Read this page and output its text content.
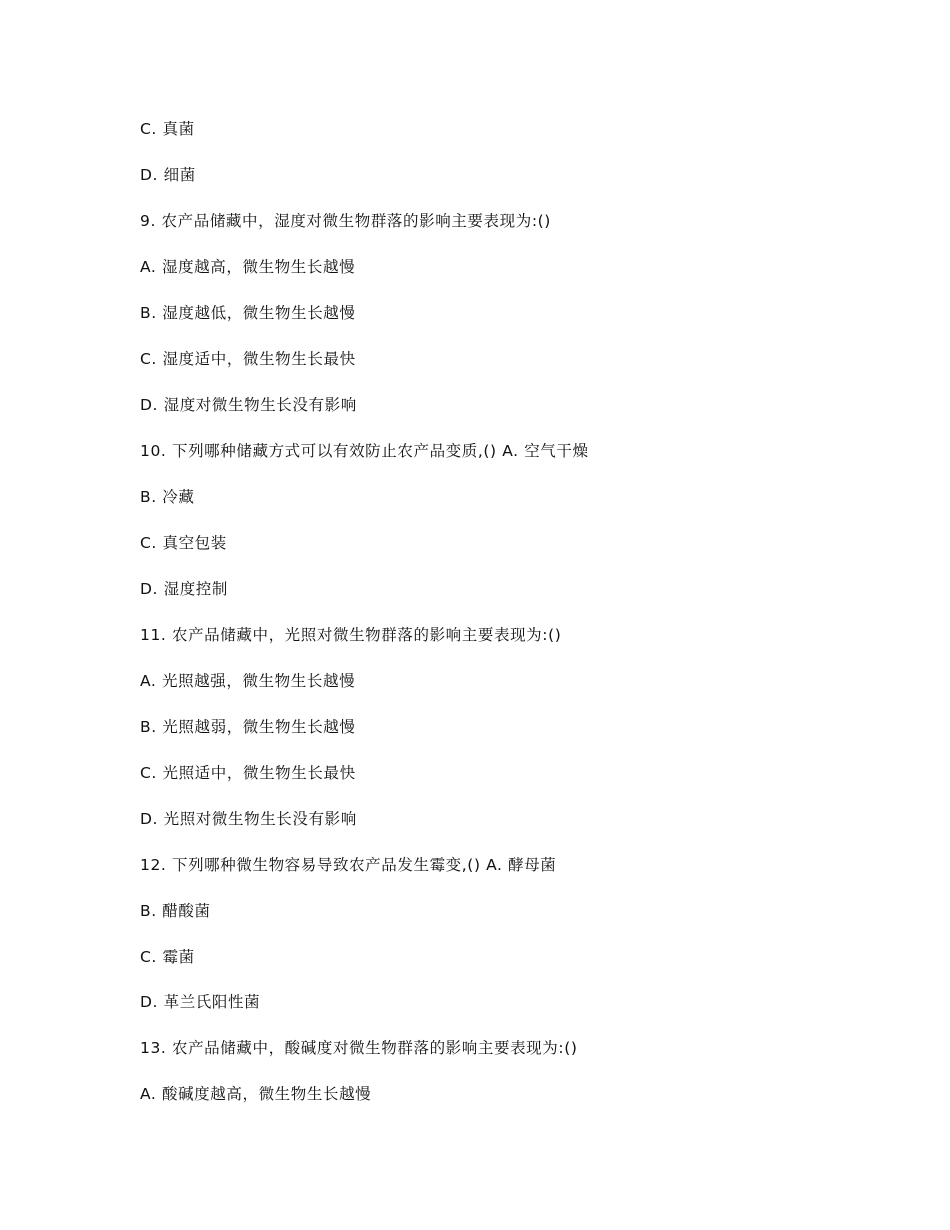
C. 真菌
D. 细菌
9. 农产品储藏中，湿度对微生物群落的影响主要表现为:()
A. 湿度越高，微生物生长越慢
B. 湿度越低，微生物生长越慢
C. 湿度适中，微生物生长最快
D. 湿度对微生物生长没有影响
10. 下列哪种储藏方式可以有效防止农产品变质,() A. 空气干燥
B. 冷藏
C. 真空包装
D. 湿度控制
11. 农产品储藏中，光照对微生物群落的影响主要表现为:()
A. 光照越强，微生物生长越慢
B. 光照越弱，微生物生长越慢
C. 光照适中，微生物生长最快
D. 光照对微生物生长没有影响
12. 下列哪种微生物容易导致农产品发生霉变,() A. 酵母菌
B. 醋酸菌
C. 霉菌
D. 革兰氏阳性菌
13. 农产品储藏中，酸碱度对微生物群落的影响主要表现为:()
A. 酸碱度越高，微生物生长越慢
